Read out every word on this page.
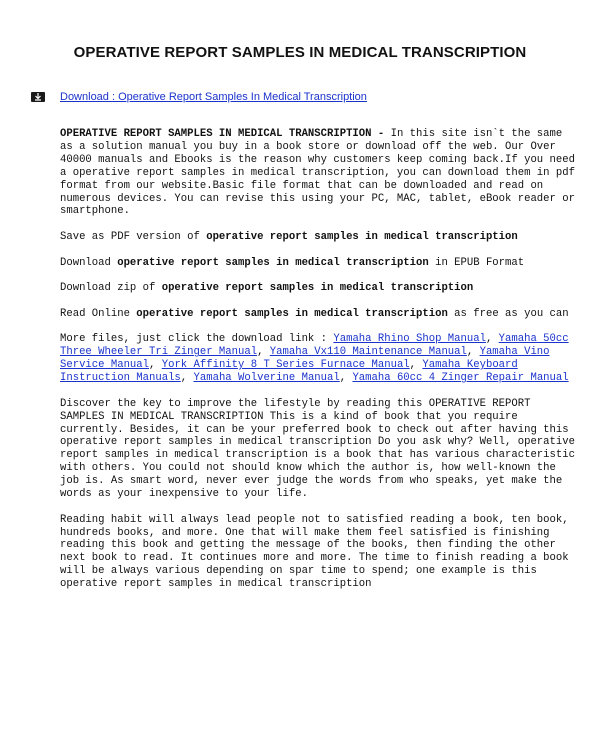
OPERATIVE REPORT SAMPLES IN MEDICAL TRANSCRIPTION
Download : Operative Report Samples In Medical Transcription

OPERATIVE REPORT SAMPLES IN MEDICAL TRANSCRIPTION - In this site isn`t the same as a solution manual you buy in a book store or download off the web. Our Over 40000 manuals and Ebooks is the reason why customers keep coming back.If you need a operative report samples in medical transcription, you can download them in pdf format from our website.Basic file format that can be downloaded and read on numerous devices. You can revise this using your PC, MAC, tablet, eBook reader or smartphone.

Save as PDF version of operative report samples in medical transcription

Download operative report samples in medical transcription in EPUB Format

Download zip of operative report samples in medical transcription

Read Online operative report samples in medical transcription as free as you can

More files, just click the download link : Yamaha Rhino Shop Manual, Yamaha 50cc Three Wheeler Tri Zinger Manual, Yamaha Vx110 Maintenance Manual, Yamaha Vino Service Manual, York Affinity 8 T Series Furnace Manual, Yamaha Keyboard Instruction Manuals, Yamaha Wolverine Manual, Yamaha 60cc 4 Zinger Repair Manual

Discover the key to improve the lifestyle by reading this OPERATIVE REPORT SAMPLES IN MEDICAL TRANSCRIPTION This is a kind of book that you require currently. Besides, it can be your preferred book to check out after having this operative report samples in medical transcription Do you ask why? Well, operative report samples in medical transcription is a book that has various characteristic with others. You could not should know which the author is, how well-known the job is. As smart word, never ever judge the words from who speaks, yet make the words as your inexpensive to your life.

Reading habit will always lead people not to satisfied reading a book, ten book, hundreds books, and more. One that will make them feel satisfied is finishing reading this book and getting the message of the books, then finding the other next book to read. It continues more and more. The time to finish reading a book will be always various depending on spar time to spend; one example is this operative report samples in medical transcription
